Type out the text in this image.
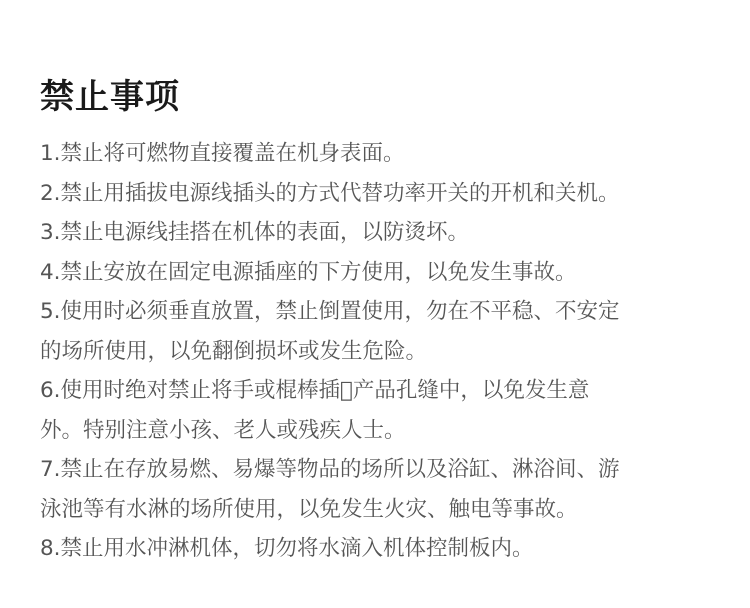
禁止事项
1.禁止将可燃物直接覆盖在机身表面。
2.禁止用插拔电源线插头的方式代替功率开关的开机和关机。
3.禁止电源线挂搭在机体的表面，以防烫坏。
4.禁止安放在固定电源插座的下方使用，以免发生事故。
5.使用时必须垂直放置，禁止倒置使用，勿在不平稳、不安定
的场所使用，以免翻倒损坏或发生危险。
6.使用时绝对禁止将手或棍棒插􏰀产品孔缝中，以免发生意
外。特别注意小孩、老人或残疾人士。
7.禁止在存放易燃、易爆等物品的场所以及浴缸、淋浴间、游
泳池等有水淋的场所使用，以免发生火灾、触电等事故。
8.禁止用水冲淋机体，切勿将水滴入机体控制板内。
